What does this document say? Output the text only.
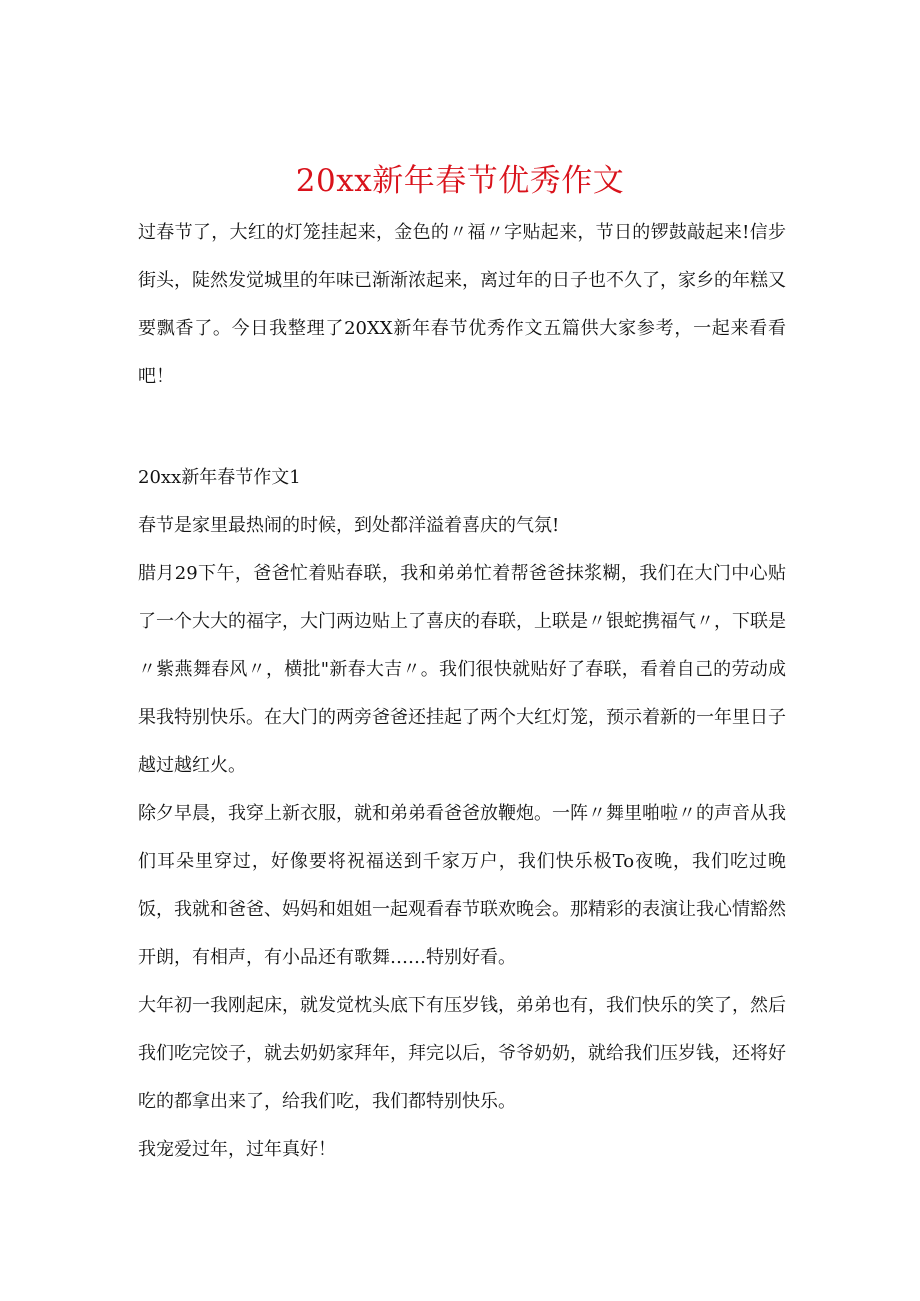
20xx新年春节优秀作文

过春节了，大红的灯笼挂起来，金色的〃福〃字贴起来，节日的锣鼓敲起来!信步街头，陡然发觉城里的年味已渐渐浓起来，离过年的日子也不久了，家乡的年糕又要飘香了。今日我整理了20XX新年春节优秀作文五篇供大家参考，一起来看看吧！

20xx新年春节作文1

春节是家里最热闹的时候，到处都洋溢着喜庆的气氛!

腊月29下午，爸爸忙着贴春联，我和弟弟忙着帮爸爸抹浆糊，我们在大门中心贴了一个大大的福字，大门两边贴上了喜庆的春联，上联是〃银蛇携福气〃，下联是〃紫燕舞春风〃，横批"新春大吉〃。我们很快就贴好了春联，看着自己的劳动成果我特别快乐。在大门的两旁爸爸还挂起了两个大红灯笼，预示着新的一年里日子越过越红火。

除夕早晨，我穿上新衣服，就和弟弟看爸爸放鞭炮。一阵〃舞里啪啦〃的声音从我们耳朵里穿过，好像要将祝福送到千家万户，我们快乐极To夜晚，我们吃过晚饭，我就和爸爸、妈妈和姐姐一起观看春节联欢晚会。那精彩的表演让我心情豁然开朗，有相声，有小品还有歌舞……特别好看。

大年初一我刚起床，就发觉枕头底下有压岁钱，弟弟也有，我们快乐的笑了，然后我们吃完饺子，就去奶奶家拜年，拜完以后，爷爷奶奶，就给我们压岁钱，还将好吃的都拿出来了，给我们吃，我们都特别快乐。

我宠爱过年，过年真好！
